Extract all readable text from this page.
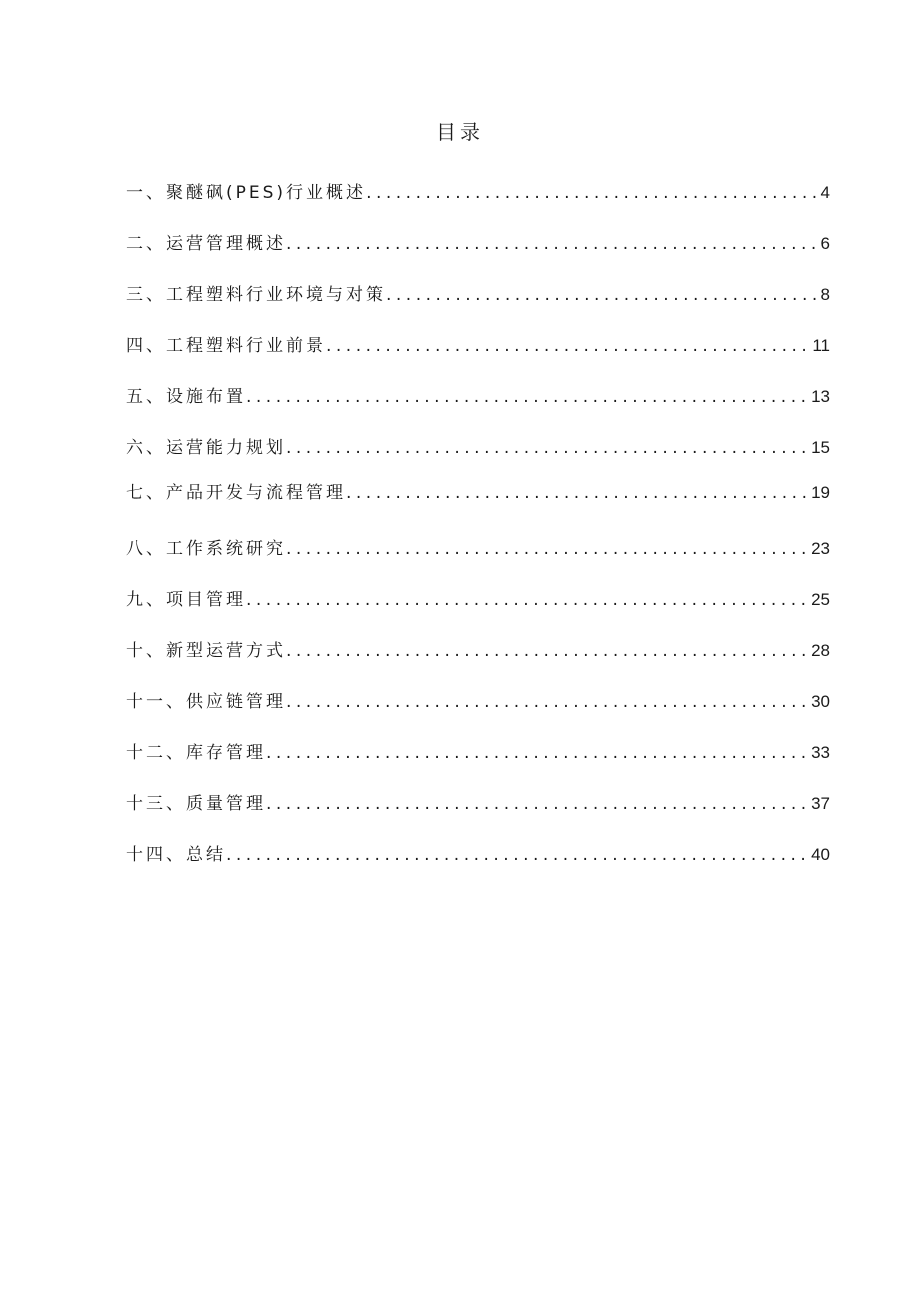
目录
一、聚醚砜(PES)行业概述 .....	4
二、运营管理概述 .....	6
三、工程塑料行业环境与对策 .....	8
四、工程塑料行业前景 .....	11
五、设施布置 .....	13
六、运营能力规划 .....	15
七、产品开发与流程管理 .....	19
八、工作系统研究 .....	23
九、项目管理 .....	25
十、新型运营方式 .....	28
十一、供应链管理 .....	30
十二、库存管理 .....	33
十三、质量管理 .....	37
十四、总结 .....	40
